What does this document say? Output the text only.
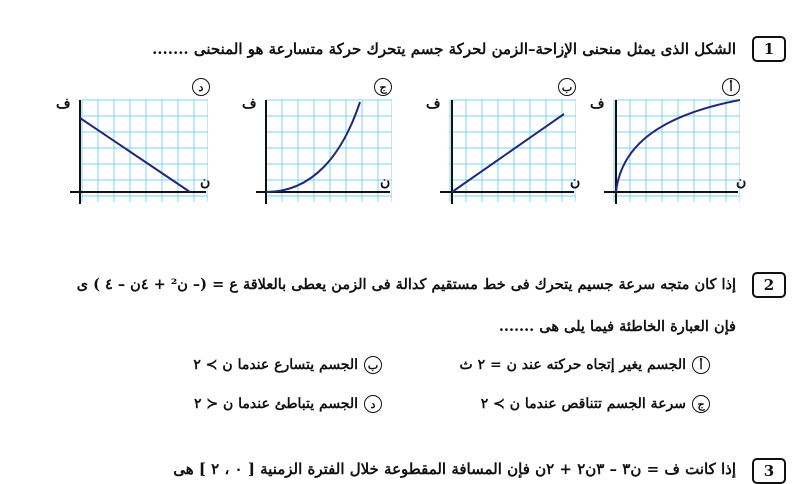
1
الشكل الذى يمثل منحنى الإزاحة–الزمن لحركة جسم يتحرك حركة متسارعة هو المنحنى .......
أ
ف
ن
ب
ف
ن
ج
ف
ن
د
ف
ن
2
إذا كان متجه سرعة جسيم يتحرك فى خط مستقيم كدالة فى الزمن يعطى بالعلاقة ع = (– ن² + ٤ن – ٤ ) ى
فإن العبارة الخاطئة فيما يلى هى .......
أ
الجسم يغير إتجاه حركته عند ن = ٢ ث
ب
الجسم يتسارع عندما ن ≻ ٢
ج
سرعة الجسم تتناقص عندما ن ≻ ٢
د
الجسم يتباطئ عندما ن ≺ ٢
3
إذا كانت ف = ن٣ – ٣ن٢ + ٢ن فإن المسافة المقطوعة خلال الفترة الزمنية [ ٠ ، ٢ ] هى
